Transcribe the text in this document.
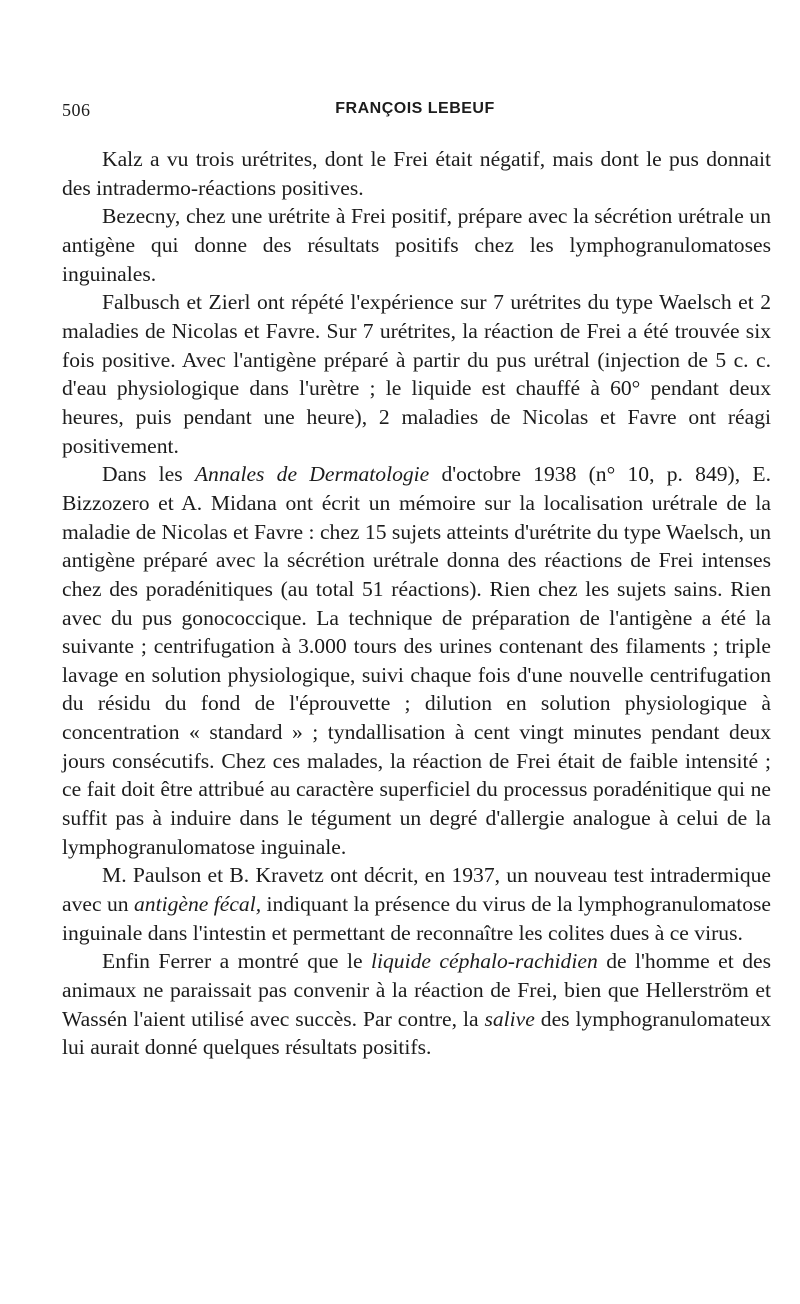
506	FRANÇOIS LEBEUF

Kalz a vu trois urétrites, dont le Frei était négatif, mais dont le pus donnait des intradermo-réactions positives.

Bezecny, chez une urétrite à Frei positif, prépare avec la sécrétion urétrale un antigène qui donne des résultats positifs chez les lymphogranulomatoses inguinales.

Falbusch et Zierl ont répété l'expérience sur 7 urétrites du type Waelsch et 2 maladies de Nicolas et Favre. Sur 7 urétrites, la réaction de Frei a été trouvée six fois positive. Avec l'antigène préparé à partir du pus urétral (injection de 5 c. c. d'eau physiologique dans l'urètre ; le liquide est chauffé à 60° pendant deux heures, puis pendant une heure), 2 maladies de Nicolas et Favre ont réagi positivement.

Dans les Annales de Dermatologie d'octobre 1938 (n° 10, p. 849), E. Bizzozero et A. Midana ont écrit un mémoire sur la localisation urétrale de la maladie de Nicolas et Favre : chez 15 sujets atteints d'urétrite du type Waelsch, un antigène préparé avec la sécrétion urétrale donna des réactions de Frei intenses chez des poradénitiques (au total 51 réactions). Rien chez les sujets sains. Rien avec du pus gonococcique. La technique de préparation de l'antigène a été la suivante ; centrifugation à 3.000 tours des urines contenant des filaments ; triple lavage en solution physiologique, suivi chaque fois d'une nouvelle centrifugation du résidu du fond de l'éprouvette ; dilution en solution physiologique à concentration « standard » ; tyndallisation à cent vingt minutes pendant deux jours consécutifs. Chez ces malades, la réaction de Frei était de faible intensité ; ce fait doit être attribué au caractère superficiel du processus poradénitique qui ne suffit pas à induire dans le tégument un degré d'allergie analogue à celui de la lymphogranulomatose inguinale.

M. Paulson et B. Kravetz ont décrit, en 1937, un nouveau test intradermique avec un antigène fécal, indiquant la présence du virus de la lymphogranulomatose inguinale dans l'intestin et permettant de reconnaître les colites dues à ce virus.

Enfin Ferrer a montré que le liquide céphalo-rachidien de l'homme et des animaux ne paraissait pas convenir à la réaction de Frei, bien que Hellerström et Wassén l'aient utilisé avec succès. Par contre, la salive des lymphogranulomateux lui aurait donné quelques résultats positifs.
